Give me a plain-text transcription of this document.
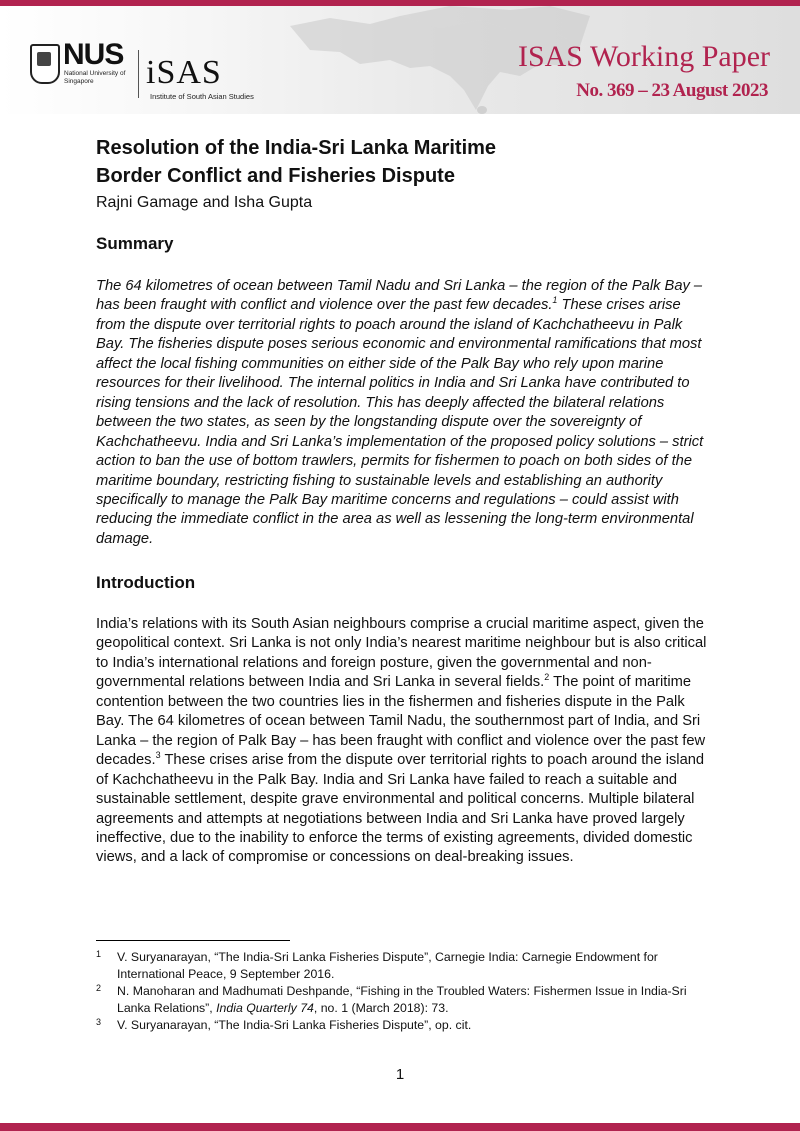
NUS
National University of Singapore	iSAS
Institute of South Asian Studies
ISAS Working Paper
No. 369 – 23 August 2023
Resolution of the India-Sri Lanka Maritime
Border Conflict and Fisheries Dispute
Rajni Gamage and Isha Gupta
Summary
The 64 kilometres of ocean between Tamil Nadu and Sri Lanka – the region of the Palk Bay – has been fraught with conflict and violence over the past few decades.$^1$ These crises arise from the dispute over territorial rights to poach around the island of Kachchatheevu in Palk Bay. The fisheries dispute poses serious economic and environmental ramifications that most affect the local fishing communities on either side of the Palk Bay who rely upon marine resources for their livelihood. The internal politics in India and Sri Lanka have contributed to rising tensions and the lack of resolution. This has deeply affected the bilateral relations between the two states, as seen by the longstanding dispute over the sovereignty of Kachchatheevu. India and Sri Lanka’s implementation of the proposed policy solutions – strict action to ban the use of bottom trawlers, permits for fishermen to poach on both sides of the maritime boundary, restricting fishing to sustainable levels and establishing an authority specifically to manage the Palk Bay maritime concerns and regulations – could assist with reducing the immediate conflict in the area as well as lessening the long-term environmental damage.
Introduction
India’s relations with its South Asian neighbours comprise a crucial maritime aspect, given the geopolitical context. Sri Lanka is not only India’s nearest maritime neighbour but is also critical to India’s international relations and foreign posture, given the governmental and non-governmental relations between India and Sri Lanka in several fields.$^2$ The point of maritime contention between the two countries lies in the fishermen and fisheries dispute in the Palk Bay. The 64 kilometres of ocean between Tamil Nadu, the southernmost part of India, and Sri Lanka – the region of Palk Bay – has been fraught with conflict and violence over the past few decades.$^3$ These crises arise from the dispute over territorial rights to poach around the island of Kachchatheevu in the Palk Bay. India and Sri Lanka have failed to reach a suitable and sustainable settlement, despite grave environmental and political concerns. Multiple bilateral agreements and attempts at negotiations between India and Sri Lanka have proved largely ineffective, due to the inability to enforce the terms of existing agreements, divided domestic views, and a lack of compromise or concessions on deal-breaking issues.
1 V. Suryanarayan, “The India-Sri Lanka Fisheries Dispute”, Carnegie India: Carnegie Endowment for International Peace, 9 September 2016.
2 N. Manoharan and Madhumati Deshpande, “Fishing in the Troubled Waters: Fishermen Issue in India-Sri Lanka Relations”, India Quarterly 74, no. 1 (March 2018): 73.
3 V. Suryanarayan, “The India-Sri Lanka Fisheries Dispute”, op. cit.
1
